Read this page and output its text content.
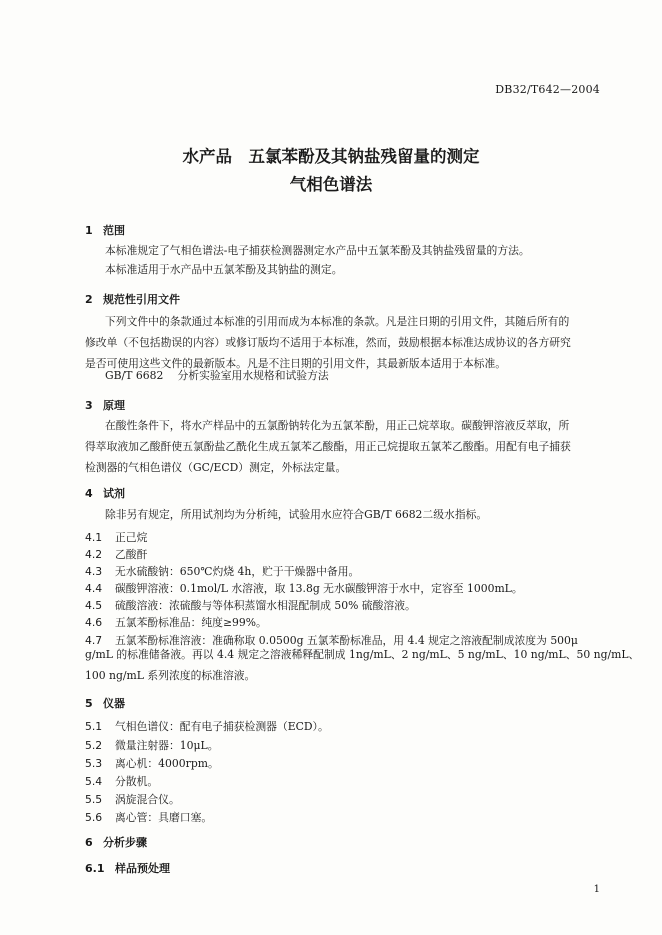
DB32/T642—2004
水产品　五氯苯酚及其钠盐残留量的测定
气相色谱法
1 范围
本标准规定了气相色谱法-电子捕获检测器测定水产品中五氯苯酚及其钠盐残留量的方法。
本标准适用于水产品中五氯苯酚及其钠盐的测定。
2 规范性引用文件
下列文件中的条款通过本标准的引用而成为本标准的条款。凡是注日期的引用文件，其随后所有的
修改单（不包括勘误的内容）或修订版均不适用于本标准，然而，鼓励根据本标准达成协议的各方研究
是否可使用这些文件的最新版本。凡是不注日期的引用文件，其最新版本适用于本标准。
GB/T 6682　 分析实验室用水规格和试验方法
3 原理
在酸性条件下，将水产样品中的五氯酚钠转化为五氯苯酚，用正己烷萃取。碳酸钾溶液反萃取，所
得萃取液加乙酸酐使五氯酚盐乙酰化生成五氯苯乙酸酯，用正己烷提取五氯苯乙酸酯。用配有电子捕获
检测器的气相色谱仪（GC/ECD）测定，外标法定量。
4 试剂
除非另有规定，所用试剂均为分析纯，试验用水应符合GB/T 6682二级水指标。
4.1 正己烷
4.2 乙酸酐
4.3 无水硫酸钠：650℃灼烧 4h，贮于干燥器中备用。
4.4 碳酸钾溶液：0.1mol/L 水溶液，取 13.8g 无水碳酸钾溶于水中，定容至 1000mL。
4.5 硫酸溶液：浓硫酸与等体积蒸馏水相混配制成 50% 硫酸溶液。
4.6 五氯苯酚标准品：纯度≥99%。
4.7 五氯苯酚标准溶液：准确称取 0.0500g 五氯苯酚标准品，用 4.4 规定之溶液配制成浓度为 500μ
g/mL 的标准储备液。再以 4.4 规定之溶液稀释配制成 1ng/mL、2 ng/mL、5 ng/mL、10 ng/mL、50 ng/mL、
100 ng/mL 系列浓度的标准溶液。
5 仪器
5.1 气相色谱仪：配有电子捕获检测器（ECD）。
5.2 微量注射器：10μL。
5.3 离心机：4000rpm。
5.4 分散机。
5.5 涡旋混合仪。
5.6 离心管：具磨口塞。
6 分析步骤
6.1 样品预处理
1
